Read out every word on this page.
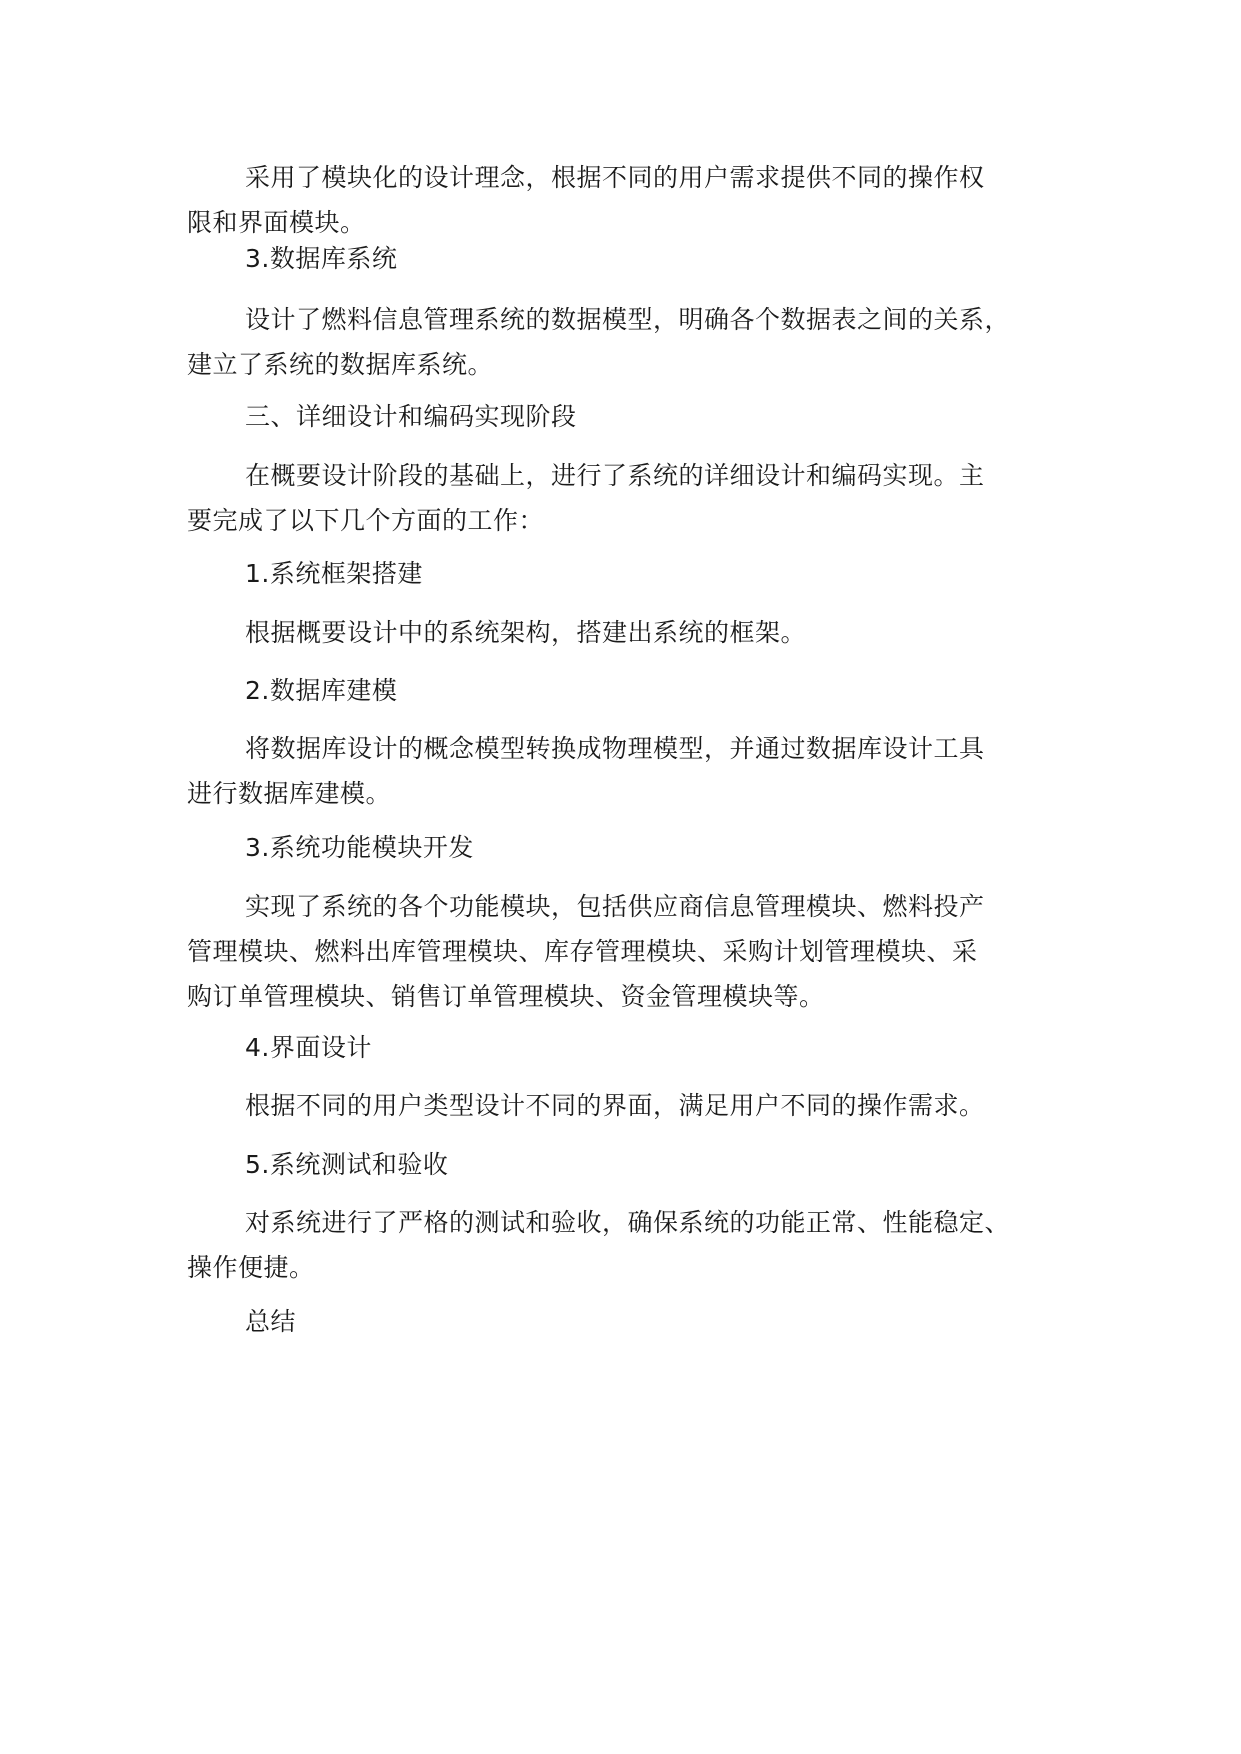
采用了模块化的设计理念，根据不同的用户需求提供不同的操作权
限和界面模块。

3.数据库系统

设计了燃料信息管理系统的数据模型，明确各个数据表之间的关系，
建立了系统的数据库系统。

三、详细设计和编码实现阶段

在概要设计阶段的基础上，进行了系统的详细设计和编码实现。主
要完成了以下几个方面的工作：

1.系统框架搭建

根据概要设计中的系统架构，搭建出系统的框架。

2.数据库建模

将数据库设计的概念模型转换成物理模型，并通过数据库设计工具
进行数据库建模。

3.系统功能模块开发

实现了系统的各个功能模块，包括供应商信息管理模块、燃料投产
管理模块、燃料出库管理模块、库存管理模块、采购计划管理模块、采
购订单管理模块、销售订单管理模块、资金管理模块等。

4.界面设计

根据不同的用户类型设计不同的界面，满足用户不同的操作需求。

5.系统测试和验收

对系统进行了严格的测试和验收，确保系统的功能正常、性能稳定、
操作便捷。

总结
